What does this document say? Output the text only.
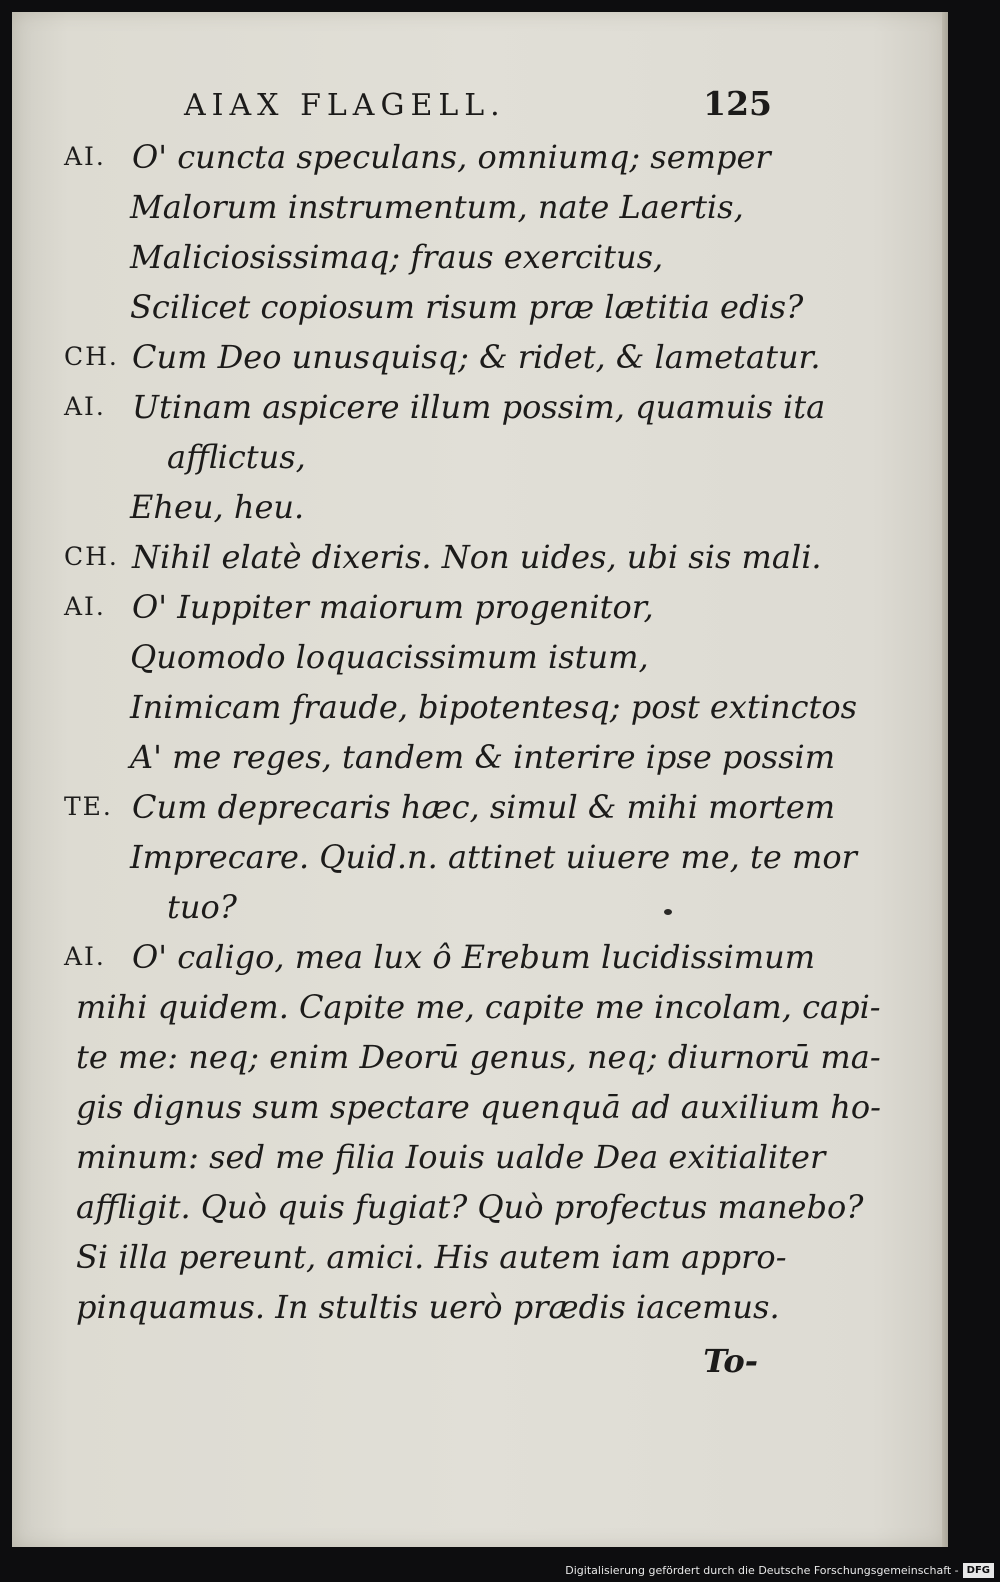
AIAX FLAGELL.	125
AI. O' cuncta speculans, omniumq; semper
Malorum instrumentum, nate Laertis,
Maliciosissimaq; fraus exercitus,
Scilicet copiosum risum præ lætitia edis?
CH. Cum Deo unusquisq; & ridet, & lametatur.
AI. Utinam aspicere illum possim, quamuis ita
afflictus,
Eheu, heu.
CH. Nihil elatè dixeris. Non uides, ubi sis mali.
AI. O' Iuppiter maiorum progenitor,
Quomodo loquacissimum istum,
Inimicam fraude, bipotentesq; post extinctos
A' me reges, tandem & interire ipse possim
TE. Cum deprecaris hæc, simul & mihi mortem
Imprecare. Quid.n. attinet uiuere me, te mor
tuo?
AI. O' caligo, mea lux ô Erebum lucidissimum
mihi quidem. Capite me, capite me incolam, capi-
te me: neq; enim Deorū genus, neq; diurnorū ma-
gis dignus sum spectare quenquā ad auxilium ho-
minum: sed me filia Iouis ualde Dea exitialiter
affligit. Quò quis fugiat? Quò profectus manebo?
Si illa pereunt, amici. His autem iam appro-
pinquamus. In stultis uerò prædis iacemus.
To-
Digitalisierung gefördert durch die Deutsche Forschungsgemeinschaft - DFG
